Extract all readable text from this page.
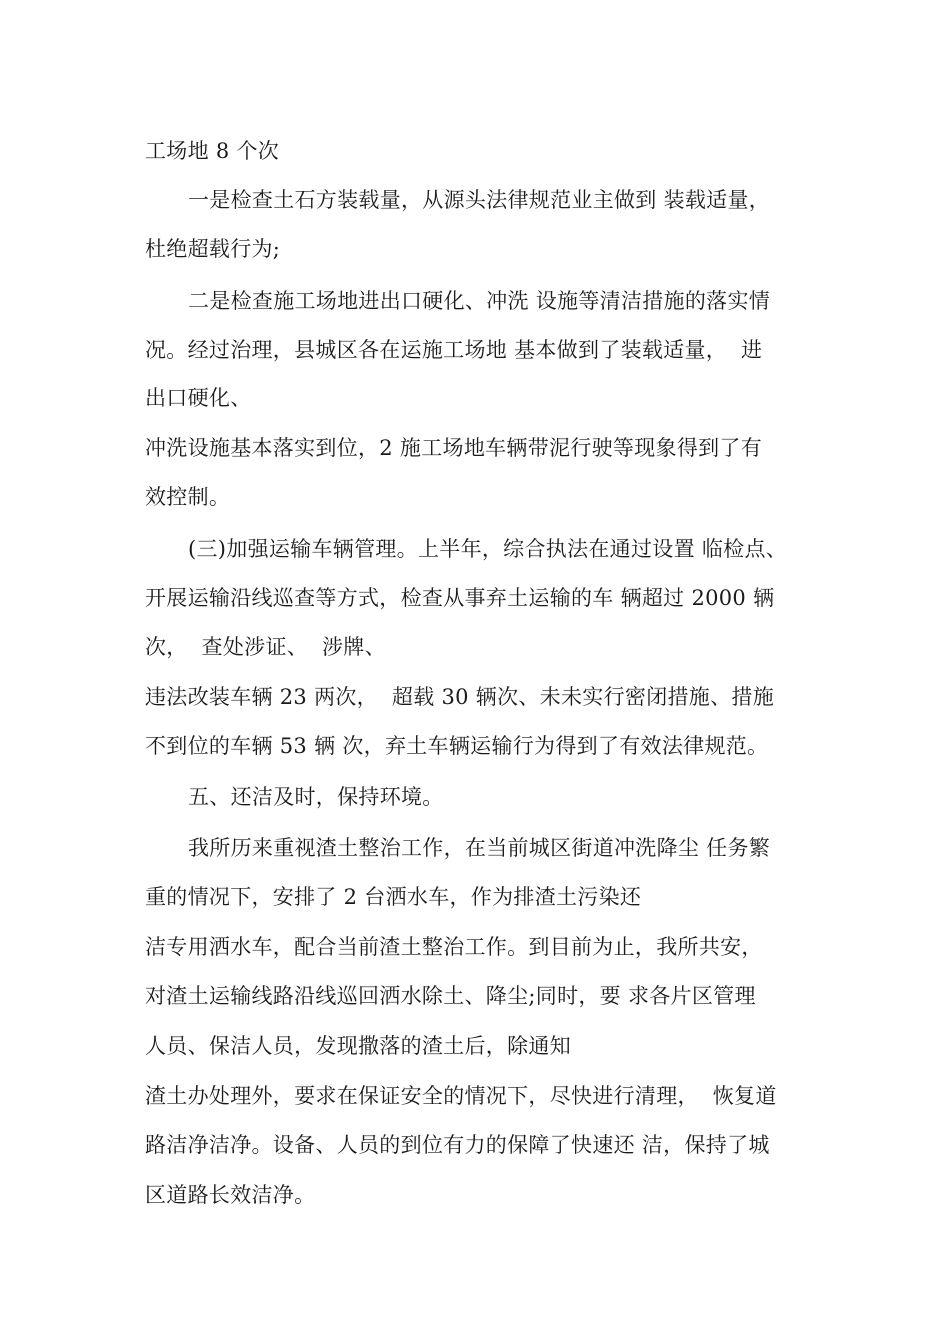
工场地 8 个次

一是检查土石方装载量，从源头法律规范业主做到 装载适量，

杜绝超载行为;

二是检查施工场地进出口硬化、冲洗 设施等清洁措施的落实情

况。经过治理，县城区各在运施工场地 基本做到了装载适量，  进

出口硬化、

冲洗设施基本落实到位，2 施工场地车辆带泥行驶等现象得到了有

效控制。

(三)加强运输车辆管理。上半年，综合执法在通过设置 临检点、

开展运输沿线巡查等方式，检查从事弃土运输的车 辆超过 2000 辆

次，  查处涉证、  涉牌、

违法改装车辆 23 两次，  超载 30 辆次、未未实行密闭措施、措施

不到位的车辆 53 辆 次，弃土车辆运输行为得到了有效法律规范。

五、还洁及时，保持环境。

我所历来重视渣土整治工作，在当前城区街道冲洗降尘 任务繁

重的情况下，安排了 2 台洒水车，作为排渣土污染还

洁专用洒水车，配合当前渣土整治工作。到目前为止，我所共安，

对渣土运输线路沿线巡回洒水除土、降尘;同时，要 求各片区管理

人员、保洁人员，发现撒落的渣土后，除通知

渣土办处理外，要求在保证安全的情况下，尽快进行清理，  恢复道

路洁净洁净。设备、人员的到位有力的保障了快速还 洁，保持了城

区道路长效洁净。
